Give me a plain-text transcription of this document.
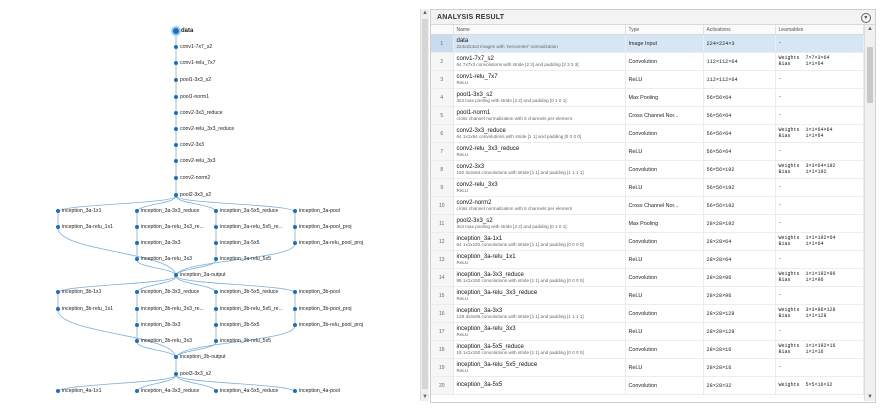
data
conv1-7x7_s2
conv1-relu_7x7
pool1-3x3_s2
pool1-norm1
conv2-3x3_reduce
conv2-relu_3x3_reduce
conv2-3x3
conv2-relu_3x3
conv2-norm2
pool2-3x3_s2
inception_3a-1x1	inception_3a-3x3_reduce	inception_3a-5x5_reduce	inception_3a-pool
inception_3a-relu_1x1	inception_3a-relu_3x3_re...	inception_3a-relu_5x5_re...	inception_3a-pool_proj
inception_3a-3x3	inception_3a-5x5	inception_3a-relu_pool_proj
inception_3a-relu_3x3	inception_3a-relu_5x5
inception_3a-output
inception_3b-1x1	inception_3b-3x3_reduce	inception_3b-5x5_reduce	inception_3b-pool
inception_3b-relu_1x1	inception_3b-relu_3x3_re...	inception_3b-relu_5x5_re...	inception_3b-pool_proj
inception_3b-3x3	inception_3b-5x5	inception_3b-relu_pool_proj
inception_3b-relu_3x3	inception_3b-relu_5x5
inception_3b-output
pool3-3x3_s2
inception_4a-1x1	inception_4a-3x3_reduce	inception_4a-5x5_reduce	inception_4a-pool
▲
▼
ANALYSIS RESULT	▼
	Name	Type	Activations	Learnables
1	data
224x224x3 images with 'zerocenter' normalization	Image Input	224×224×3	-
2	conv1-7x7_s2
64 7x7x3 convolutions with stride [2 2] and padding [3 3 3 3]	Convolution	112×112×64	Weights  7×7×3×64
Bias     1×1×64
3	conv1-relu_7x7
ReLU	ReLU	112×112×64	-
4	pool1-3x3_s2
3x3 max pooling with stride [2 2] and padding [0 1 0 1]	Max Pooling	56×56×64	-
5	pool1-norm1
cross channel normalization with 5 channels per element	Cross Channel Nor...	56×56×64	-
6	conv2-3x3_reduce
64 1x1x64 convolutions with stride [1 1] and padding [0 0 0 0]	Convolution	56×56×64	Weights  1×1×64×64
Bias     1×1×64
7	conv2-relu_3x3_reduce
ReLU	ReLU	56×56×64	-
8	conv2-3x3
192 3x3x64 convolutions with stride [1 1] and padding [1 1 1 1]	Convolution	56×56×192	Weights  3×3×64×192
Bias     1×1×192
9	conv2-relu_3x3
ReLU	ReLU	56×56×192	-
10	conv2-norm2
cross channel normalization with 5 channels per element	Cross Channel Nor...	56×56×192	-
11	pool2-3x3_s2
3x3 max pooling with stride [2 2] and padding [0 1 0 1]	Max Pooling	28×28×192	-
12	inception_3a-1x1
64 1x1x192 convolutions with stride [1 1] and padding [0 0 0 0]	Convolution	28×28×64	Weights  1×1×192×64
Bias     1×1×64
13	inception_3a-relu_1x1
ReLU	ReLU	28×28×64	-
14	inception_3a-3x3_reduce
96 1x1x192 convolutions with stride [1 1] and padding [0 0 0 0]	Convolution	28×28×96	Weights  1×1×192×96
Bias     1×1×96
15	inception_3a-relu_3x3_reduce
ReLU	ReLU	28×28×96	-
16	inception_3a-3x3
128 3x3x96 convolutions with stride [1 1] and padding [1 1 1 1]	Convolution	28×28×128	Weights  3×3×96×128
Bias     1×1×128
17	inception_3a-relu_3x3
ReLU	ReLU	28×28×128	-
18	inception_3a-5x5_reduce
16 1x1x192 convolutions with stride [1 1] and padding [0 0 0 0]	Convolution	28×28×16	Weights  1×1×192×16
Bias     1×1×16
19	inception_3a-relu_5x5_reduce
ReLU	ReLU	28×28×16	-
20	inception_3a-5x5	Convolution	28×28×32	Weights  5×5×16×32
▲
▼
